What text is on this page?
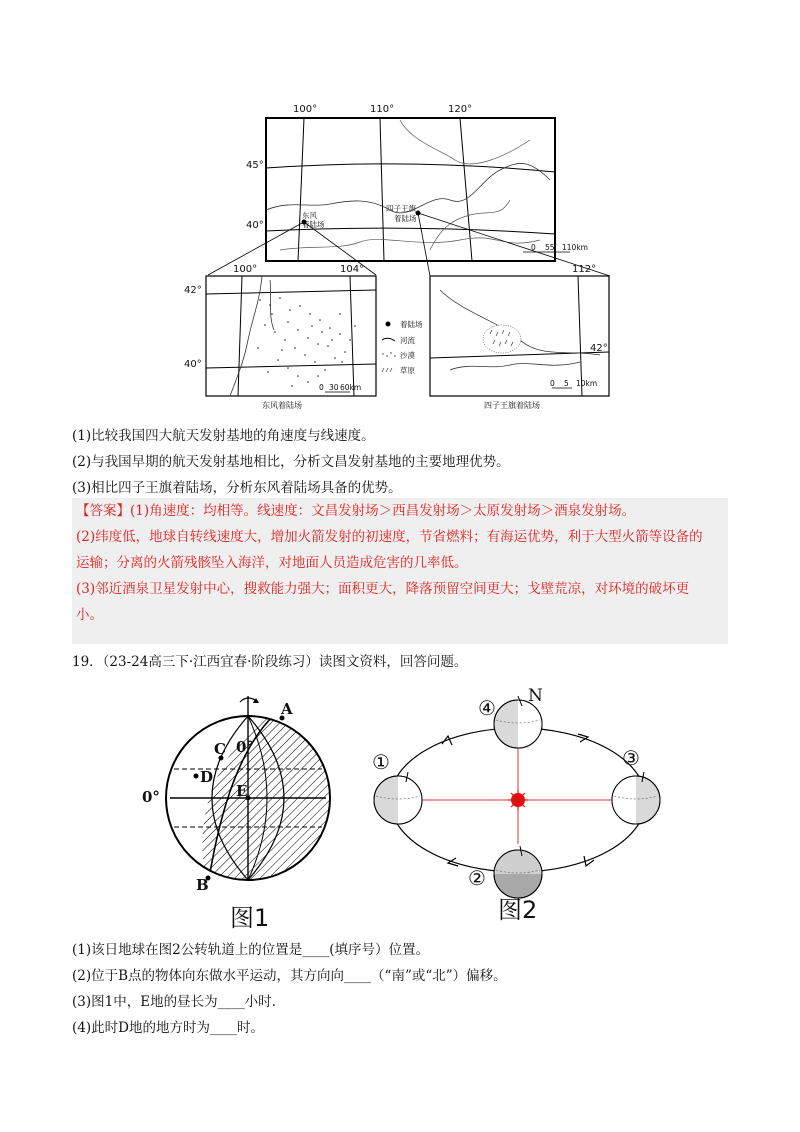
100°	110°	120°
45°
40°
东风
着陆场
四子王旗
着陆场
0 55 110km
100°	104°
42°
40°
0 30 60km
东风着陆场
着陆场
河流
沙漠
草原
112°
42°
0 5 10km
四子王旗着陆场
(1)比较我国四大航天发射基地的角速度与线速度。
(2)与我国早期的航天发射基地相比，分析文昌发射基地的主要地理优势。
(3)相比四子王旗着陆场，分析东风着陆场具备的优势。
【答案】(1)角速度：均相等。线速度：文昌发射场＞西昌发射场＞太原发射场＞酒泉发射场。
(2)纬度低，地球自转线速度大，增加火箭发射的初速度，节省燃料；有海运优势，利于大型火箭等设备的
运输；分离的火箭残骸坠入海洋，对地面人员造成危害的几率低。
(3)邻近酒泉卫星发射中心，搜救能力强大；面积更大，降落预留空间更大；戈壁荒凉，对环境的破坏更
小。
19．（23-24高三下·江西宜春·阶段练习）读图文资料，回答问题。
A
B
C
D
E
0°
0°
图1
N
①
②
③
④
图2
(1)该日地球在图2公转轨道上的位置是____(填序号）位置。
(2)位于B点的物体向东做水平运动，其方向向____（“南”或“北”）偏移。
(3)图1中，E地的昼长为____小时.
(4)此时D地的地方时为____时。
